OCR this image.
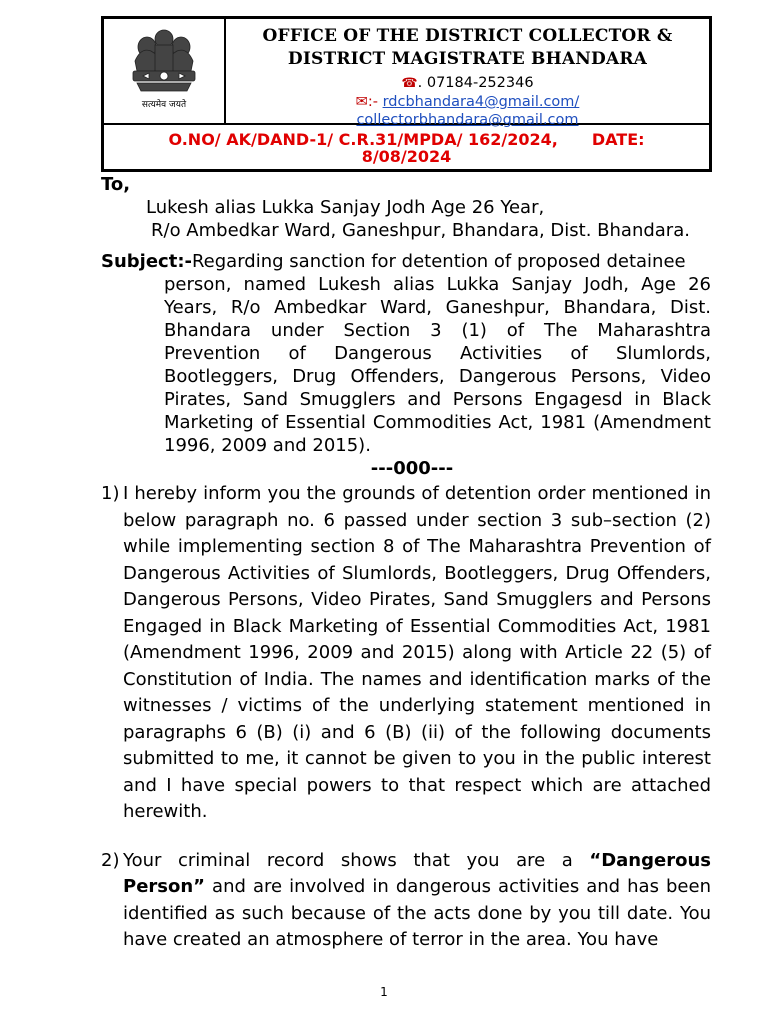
सत्यमेव जयते
OFFICE OF THE DISTRICT COLLECTOR &
DISTRICT MAGISTRATE BHANDARA
☎. 07184-252346
✉:- rdcbhandara4@gmail.com/
collectorbhandara@gmail.com
O.NO/ AK/DAND-1/ C.R.31/MPDA/ 162/2024, DATE:
8/08/2024
To,
Lukesh alias Lukka Sanjay Jodh Age 26 Year,
R/o Ambedkar Ward, Ganeshpur, Bhandara, Dist. Bhandara.
Subject:-Regarding sanction for detention of proposed detainee
person, named Lukesh alias Lukka Sanjay Jodh, Age 26 Years, R/o Ambedkar Ward, Ganeshpur, Bhandara, Dist. Bhandara under Section 3 (1) of The Maharashtra Prevention of Dangerous Activities of Slumlords, Bootleggers, Drug Offenders, Dangerous Persons, Video Pirates, Sand Smugglers and Persons Engagesd in Black Marketing of Essential Commodities Act, 1981 (Amendment 1996, 2009 and 2015).
---000---
1) I hereby inform you the grounds of detention order mentioned in below paragraph no. 6 passed under section 3 sub–section (2) while implementing section 8 of The Maharashtra Prevention of Dangerous Activities of Slumlords, Bootleggers, Drug Offenders, Dangerous Persons, Video Pirates, Sand Smugglers and Persons Engaged in Black Marketing of Essential Commodities Act, 1981 (Amendment 1996, 2009 and 2015) along with Article 22 (5) of Constitution of India. The names and identification marks of the witnesses / victims of the underlying statement mentioned in paragraphs 6 (B) (i) and 6 (B) (ii) of the following documents submitted to me, it cannot be given to you in the public interest and I have special powers to that respect which are attached herewith.
2) Your criminal record shows that you are a “Dangerous Person” and are involved in dangerous activities and has been identified as such because of the acts done by you till date. You have created an atmosphere of terror in the area. You have
1
